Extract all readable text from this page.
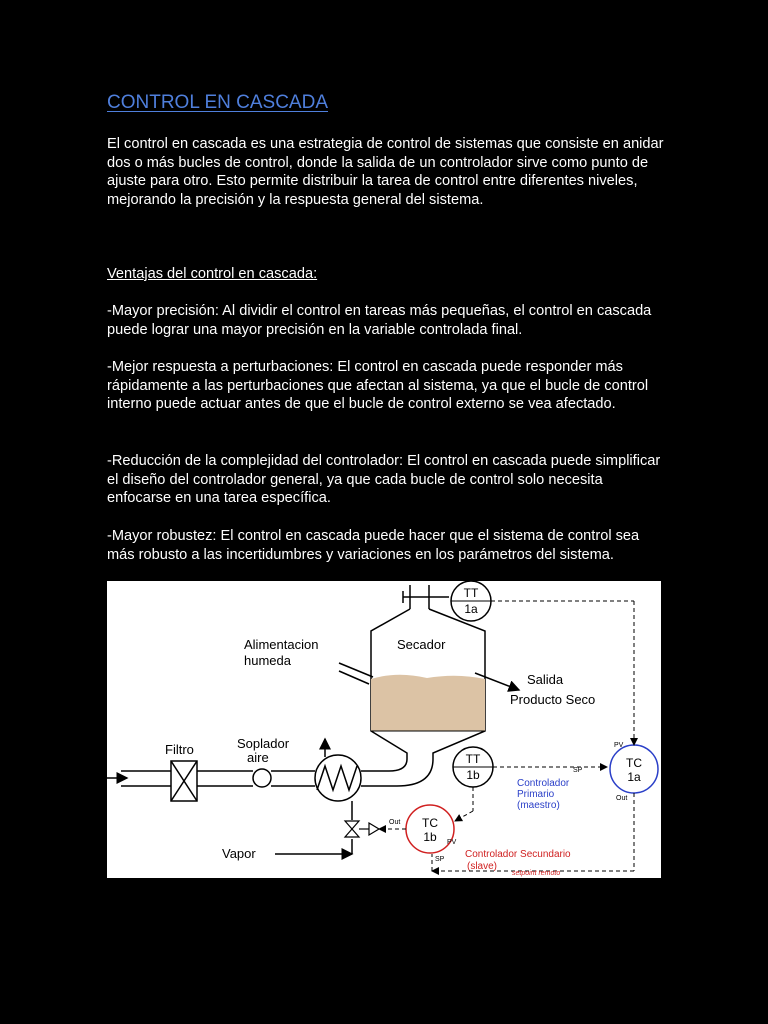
CONTROL EN CASCADA

El control en cascada es una estrategia de control de sistemas que consiste en anidar dos o más bucles de control, donde la salida de un controlador sirve como punto de ajuste para otro. Esto permite distribuir la tarea de control entre diferentes niveles, mejorando la precisión y la respuesta general del sistema.

Ventajas del control en cascada:

-Mayor precisión: Al dividir el control en tareas más pequeñas, el control en cascada puede lograr una mayor precisión en la variable controlada final.

-Mejor respuesta a perturbaciones: El control en cascada puede responder más rápidamente a las perturbaciones que afectan al sistema, ya que el bucle de control interno puede actuar antes de que el bucle de control externo se vea afectado.

-Reducción de la complejidad del controlador: El control en cascada puede simplificar el diseño del controlador general, ya que cada bucle de control solo necesita enfocarse en una tarea específica.

-Mayor robustez: El control en cascada puede hacer que el sistema de control sea más robusto a las incertidumbres y variaciones en los parámetros del sistema.

Secador
TT
1a
Alimentacion
humeda
Salida
Producto Seco
Filtro	Soplador
aire
Vapor
TT
1b
TC
1b
Controlador Secundario
(slave)
Out
PV
SP
TC
1a
Controlador
Primario
(maestro)
PV
SP
Out
setpoint remoto
